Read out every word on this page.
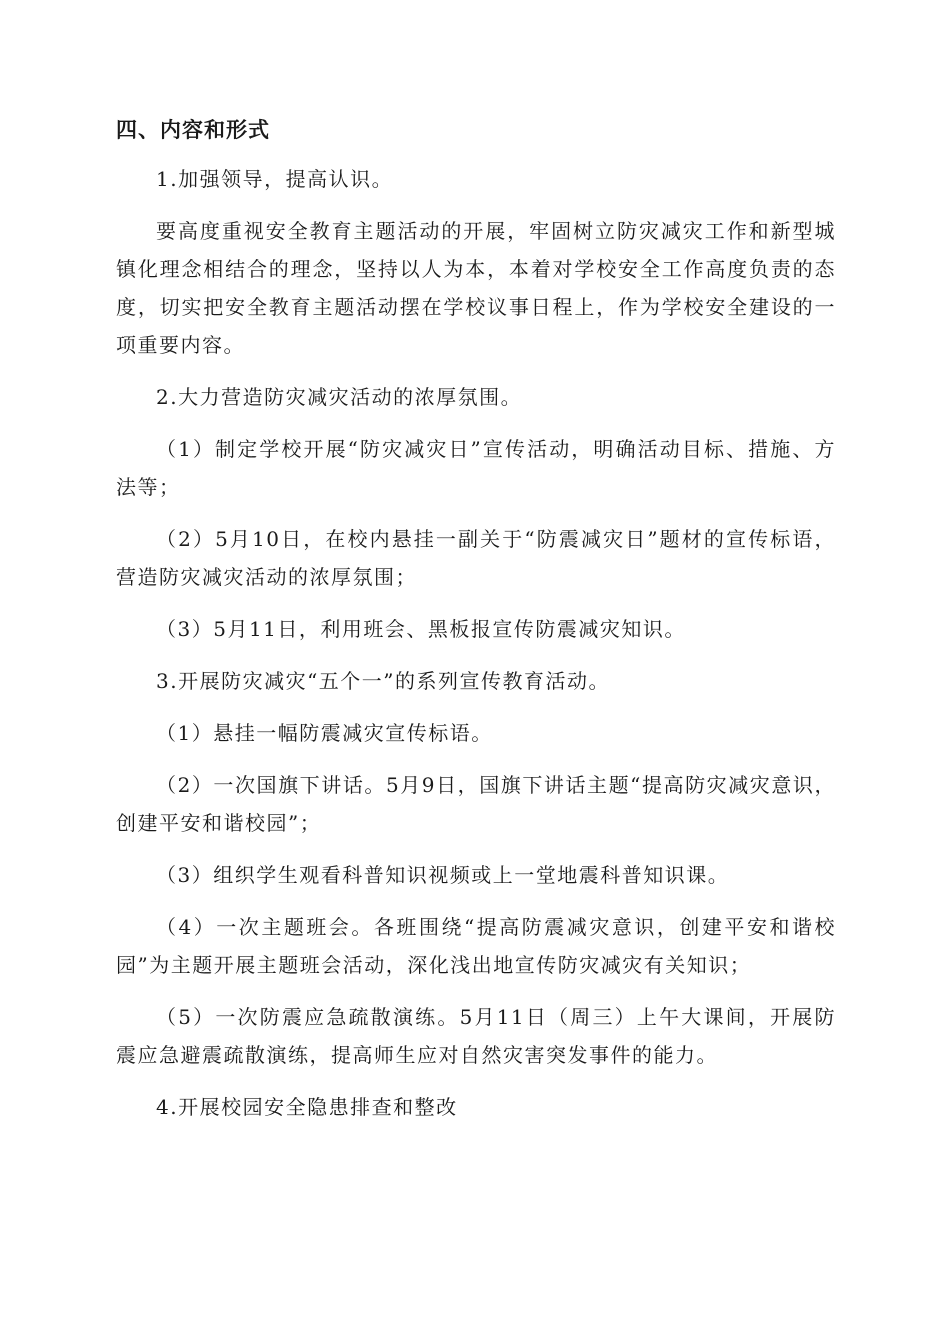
四、内容和形式

1.加强领导，提高认识。

要高度重视安全教育主题活动的开展，牢固树立防灾减灾工作和新型城镇化理念相结合的理念，坚持以人为本，本着对学校安全工作高度负责的态度，切实把安全教育主题活动摆在学校议事日程上，作为学校安全建设的一项重要内容。

2.大力营造防灾减灾活动的浓厚氛围。

（1）制定学校开展“防灾减灾日”宣传活动，明确活动目标、措施、方法等；

（2）5月10日，在校内悬挂一副关于“防震减灾日”题材的宣传标语，营造防灾减灾活动的浓厚氛围；

（3）5月11日，利用班会、黑板报宣传防震减灾知识。

3.开展防灾减灾“五个一”的系列宣传教育活动。

（1）悬挂一幅防震减灾宣传标语。

（2）一次国旗下讲话。5月9日，国旗下讲话主题“提高防灾减灾意识，创建平安和谐校园”；

（3）组织学生观看科普知识视频或上一堂地震科普知识课。

（4）一次主题班会。各班围绕“提高防震减灾意识，创建平安和谐校园”为主题开展主题班会活动，深化浅出地宣传防灾减灾有关知识；

（5）一次防震应急疏散演练。5月11日（周三）上午大课间，开展防震应急避震疏散演练，提高师生应对自然灾害突发事件的能力。

4.开展校园安全隐患排查和整改
